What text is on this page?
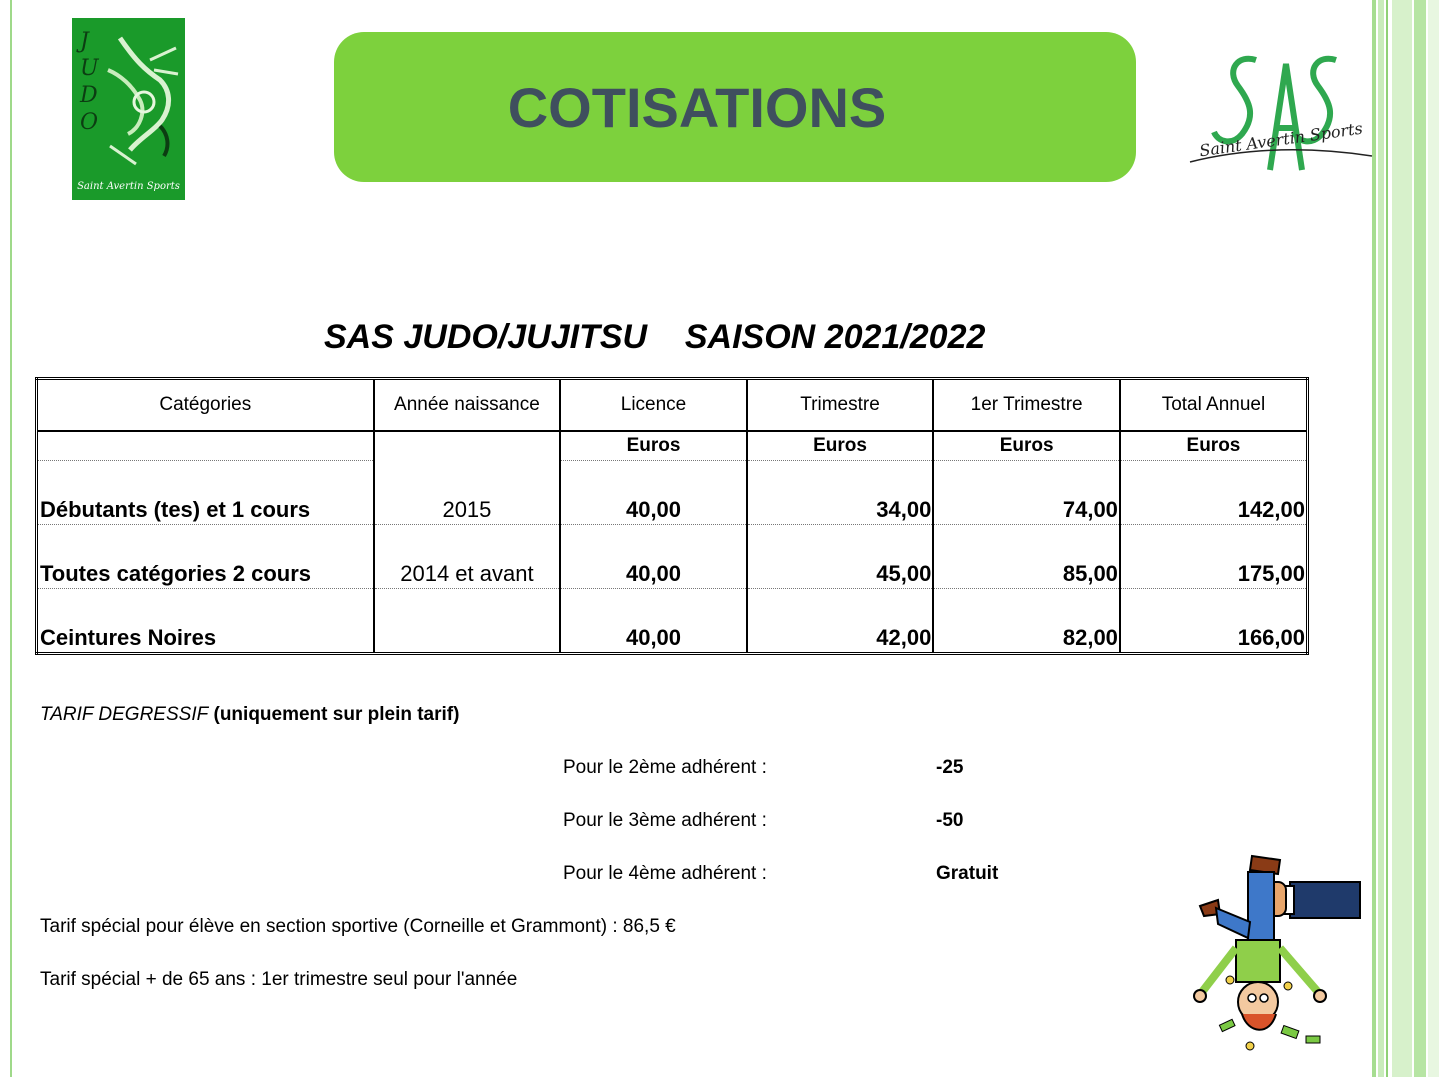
J
U
D
O
Saint Avertin Sports
COTISATIONS
Saint Avertin Sports
SAS JUDO/JUJITSU    SAISON 2021/2022
Catégories	Année naissance	Licence	Trimestre	1er Trimestre	Total Annuel
		Euros	Euros	Euros	Euros
Débutants (tes) et 1 cours	2015	40,00	34,00	74,00	142,00
Toutes catégories 2 cours	2014 et avant	40,00	45,00	85,00	175,00
Ceintures Noires		40,00	42,00	82,00	166,00
TARIF DEGRESSIF (uniquement sur plein tarif)
Pour le 2ème adhérent :	-25
Pour le 3ème adhérent :	-50
Pour le 4ème adhérent :	Gratuit
Tarif spécial pour élève en section sportive (Corneille et Grammont) : 86,5 €
Tarif spécial + de 65 ans : 1er trimestre seul pour l'année
